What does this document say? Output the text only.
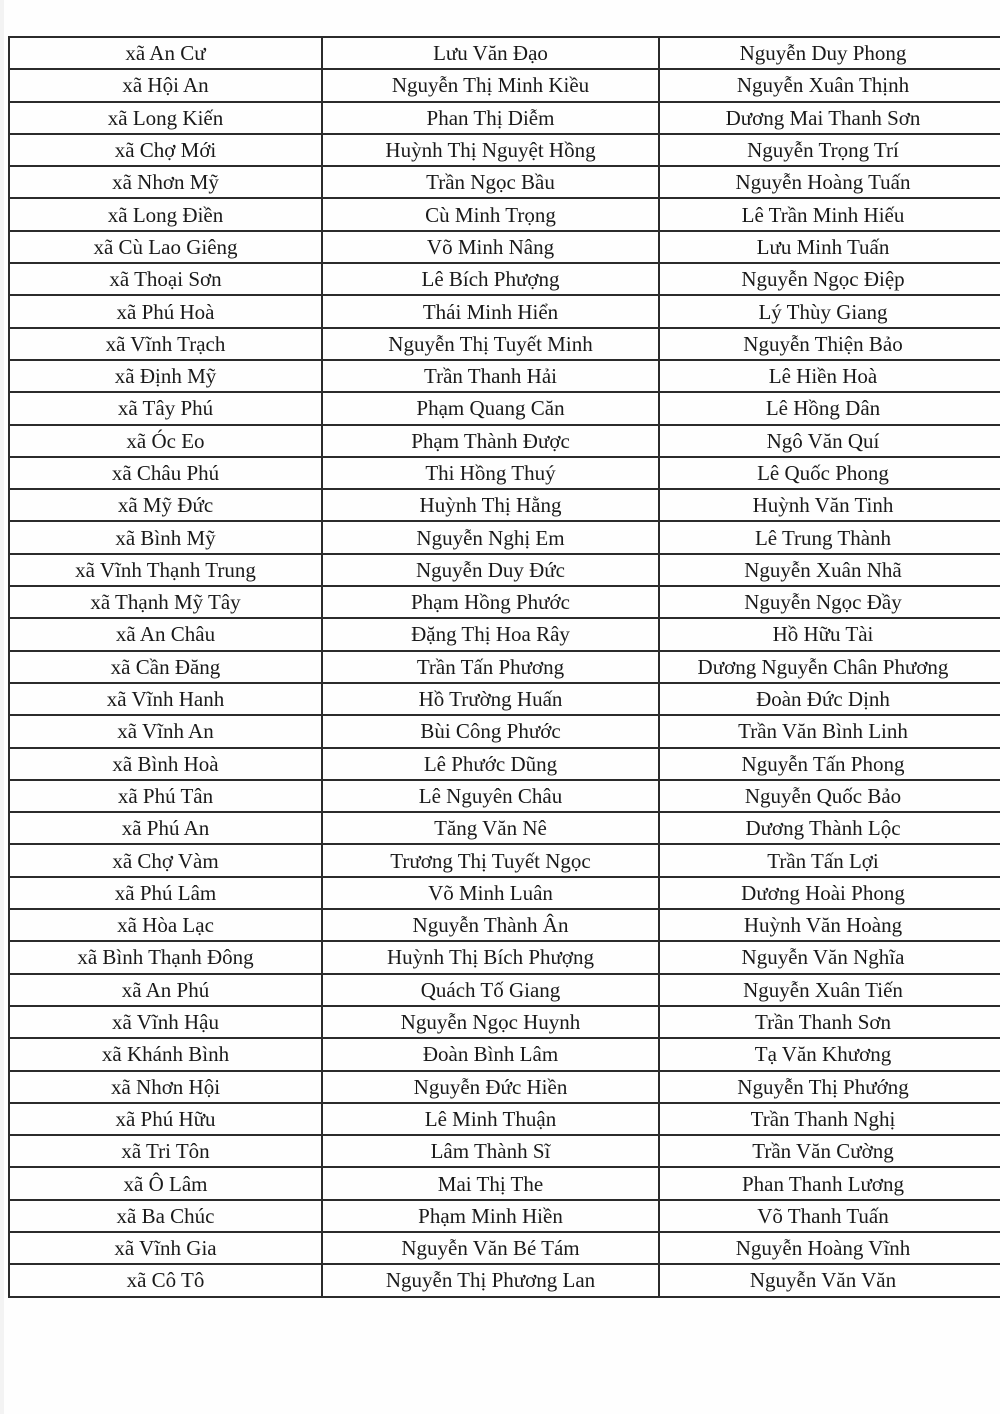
xã An Cư	Lưu Văn Đạo	Nguyễn Duy Phong
xã Hội An	Nguyễn Thị Minh Kiều	Nguyễn Xuân Thịnh
xã Long Kiến	Phan Thị Diễm	Dương Mai Thanh Sơn
xã Chợ Mới	Huỳnh Thị Nguyệt Hồng	Nguyễn Trọng Trí
xã Nhơn Mỹ	Trần Ngọc Bầu	Nguyễn Hoàng Tuấn
xã Long Điền	Cù Minh Trọng	Lê Trần Minh Hiếu
xã Cù Lao Giêng	Võ Minh Nâng	Lưu Minh Tuấn
xã Thoại Sơn	Lê Bích Phượng	Nguyễn Ngọc Điệp
xã Phú Hoà	Thái Minh Hiển	Lý Thùy Giang
xã Vĩnh Trạch	Nguyễn Thị Tuyết Minh	Nguyễn Thiện Bảo
xã Định Mỹ	Trần Thanh Hải	Lê Hiền Hoà
xã Tây Phú	Phạm Quang Căn	Lê Hồng Dân
xã Óc Eo	Phạm Thành Được	Ngô Văn Quí
xã Châu Phú	Thi Hồng Thuý	Lê Quốc Phong
xã Mỹ Đức	Huỳnh Thị Hằng	Huỳnh Văn Tinh
xã Bình Mỹ	Nguyễn Nghị Em	Lê Trung Thành
xã Vĩnh Thạnh Trung	Nguyễn Duy Đức	Nguyễn Xuân Nhã
xã Thạnh Mỹ Tây	Phạm Hồng Phước	Nguyễn Ngọc Đầy
xã An Châu	Đặng Thị Hoa Rây	Hồ Hữu Tài
xã Cần Đăng	Trần Tấn Phương	Dương Nguyễn Chân Phương
xã Vĩnh Hanh	Hồ Trường Huấn	Đoàn Đức Dịnh
xã Vĩnh An	Bùi Công Phước	Trần Văn Bình Linh
xã Bình Hoà	Lê Phước Dũng	Nguyễn Tấn Phong
xã Phú Tân	Lê Nguyên Châu	Nguyễn Quốc Bảo
xã Phú An	Tăng Văn Nê	Dương Thành Lộc
xã Chợ Vàm	Trương Thị Tuyết Ngọc	Trần Tấn Lợi
xã Phú Lâm	Võ Minh Luân	Dương Hoài Phong
xã Hòa Lạc	Nguyễn Thành Ân	Huỳnh Văn Hoàng
xã Bình Thạnh Đông	Huỳnh Thị Bích Phượng	Nguyễn Văn Nghĩa
xã An Phú	Quách Tố Giang	Nguyễn Xuân Tiến
xã Vĩnh Hậu	Nguyễn Ngọc Huynh	Trần Thanh Sơn
xã Khánh Bình	Đoàn Bình Lâm	Tạ Văn Khương
xã Nhơn Hội	Nguyễn Đức Hiền	Nguyễn Thị Phướng
xã Phú Hữu	Lê Minh Thuận	Trần Thanh Nghị
xã Tri Tôn	Lâm Thành Sĩ	Trần Văn Cường
xã Ô Lâm	Mai Thị The	Phan Thanh Lương
xã Ba Chúc	Phạm Minh Hiền	Võ Thanh Tuấn
xã Vĩnh Gia	Nguyễn Văn Bé Tám	Nguyễn Hoàng Vĩnh
xã Cô Tô	Nguyễn Thị Phương Lan	Nguyễn Văn Văn
